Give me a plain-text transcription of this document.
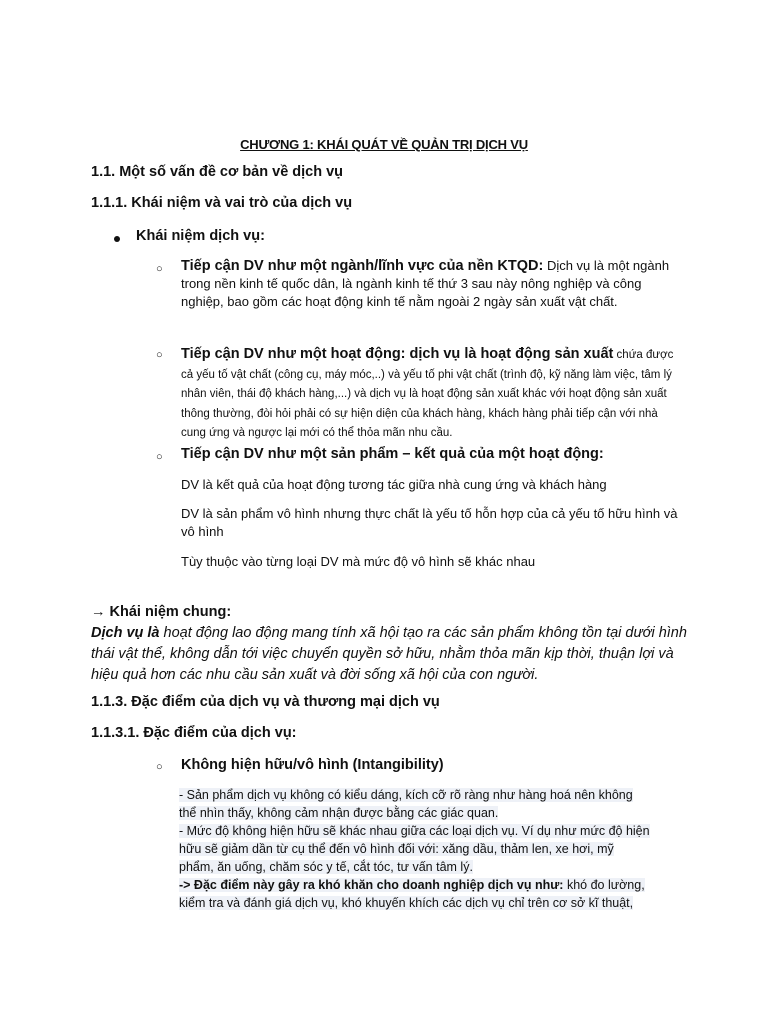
CHƯƠNG 1: KHÁI QUÁT VỀ QUẢN TRỊ DỊCH VỤ
1.1. Một số vấn đề cơ bản về dịch vụ
1.1.1. Khái niệm và vai trò của dịch vụ
Khái niệm dịch vụ:
○ Tiếp cận DV như một ngành/lĩnh vực của nền KTQD: Dịch vụ là một ngành trong nền kinh tế quốc dân, là ngành kinh tế thứ 3 sau này nông nghiệp và công nghiệp, bao gồm các hoạt động kinh tế nằm ngoài 2 ngày sản xuất vật chất.
○ Tiếp cận DV như một hoạt động: dịch vụ là hoạt động sản xuất chứa được cả yếu tố vật chất (công cụ, máy móc,..) và yếu tố phi vật chất (trình độ, kỹ năng làm việc, tâm lý nhân viên, thái độ khách hàng,...) và dịch vụ là hoạt động sản xuất khác với hoạt động sản xuất thông thường, đòi hỏi phải có sự hiện diện của khách hàng, khách hàng phải tiếp cận với nhà cung ứng và ngược lại mới có thể thỏa mãn nhu cầu.
○ Tiếp cận DV như một sản phẩm – kết quả của một hoạt động:
DV là kết quả của hoạt động tương tác giữa nhà cung ứng và khách hàng
DV là sản phẩm vô hình nhưng thực chất là yếu tố hỗn hợp của cả yếu tố hữu hình và vô hình
Tùy thuộc vào từng loại DV mà mức độ vô hình sẽ khác nhau
→ Khái niệm chung:
Dịch vụ là hoạt động lao động mang tính xã hội tạo ra các sản phẩm không tồn tại dưới hình thái vật thể, không dẫn tới việc chuyển quyền sở hữu, nhằm thỏa mãn kịp thời, thuận lợi và hiệu quả hơn các nhu cầu sản xuất và đời sống xã hội của con người.
1.1.3. Đặc điểm của dịch vụ và thương mại dịch vụ
1.1.3.1. Đặc điểm của dịch vụ:
○ Không hiện hữu/vô hình (Intangibility)
- Sản phẩm dịch vụ không có kiểu dáng, kích cỡ rõ ràng như hàng hoá nên không
thể nhìn thấy, không cảm nhận được bằng các giác quan.
- Mức độ không hiện hữu sẽ khác nhau giữa các loại dịch vụ. Ví dụ như mức độ hiện
hữu sẽ giảm dần từ cụ thể đến vô hình đối với: xăng dầu, thảm len, xe hơi, mỹ
phẩm, ăn uống, chăm sóc y tế, cắt tóc, tư vấn tâm lý.
-> Đặc điểm này gây ra khó khăn cho doanh nghiệp dịch vụ như: khó đo lường,
kiểm tra và đánh giá dịch vụ, khó khuyến khích các dịch vụ chỉ trên cơ sở kĩ thuật,
